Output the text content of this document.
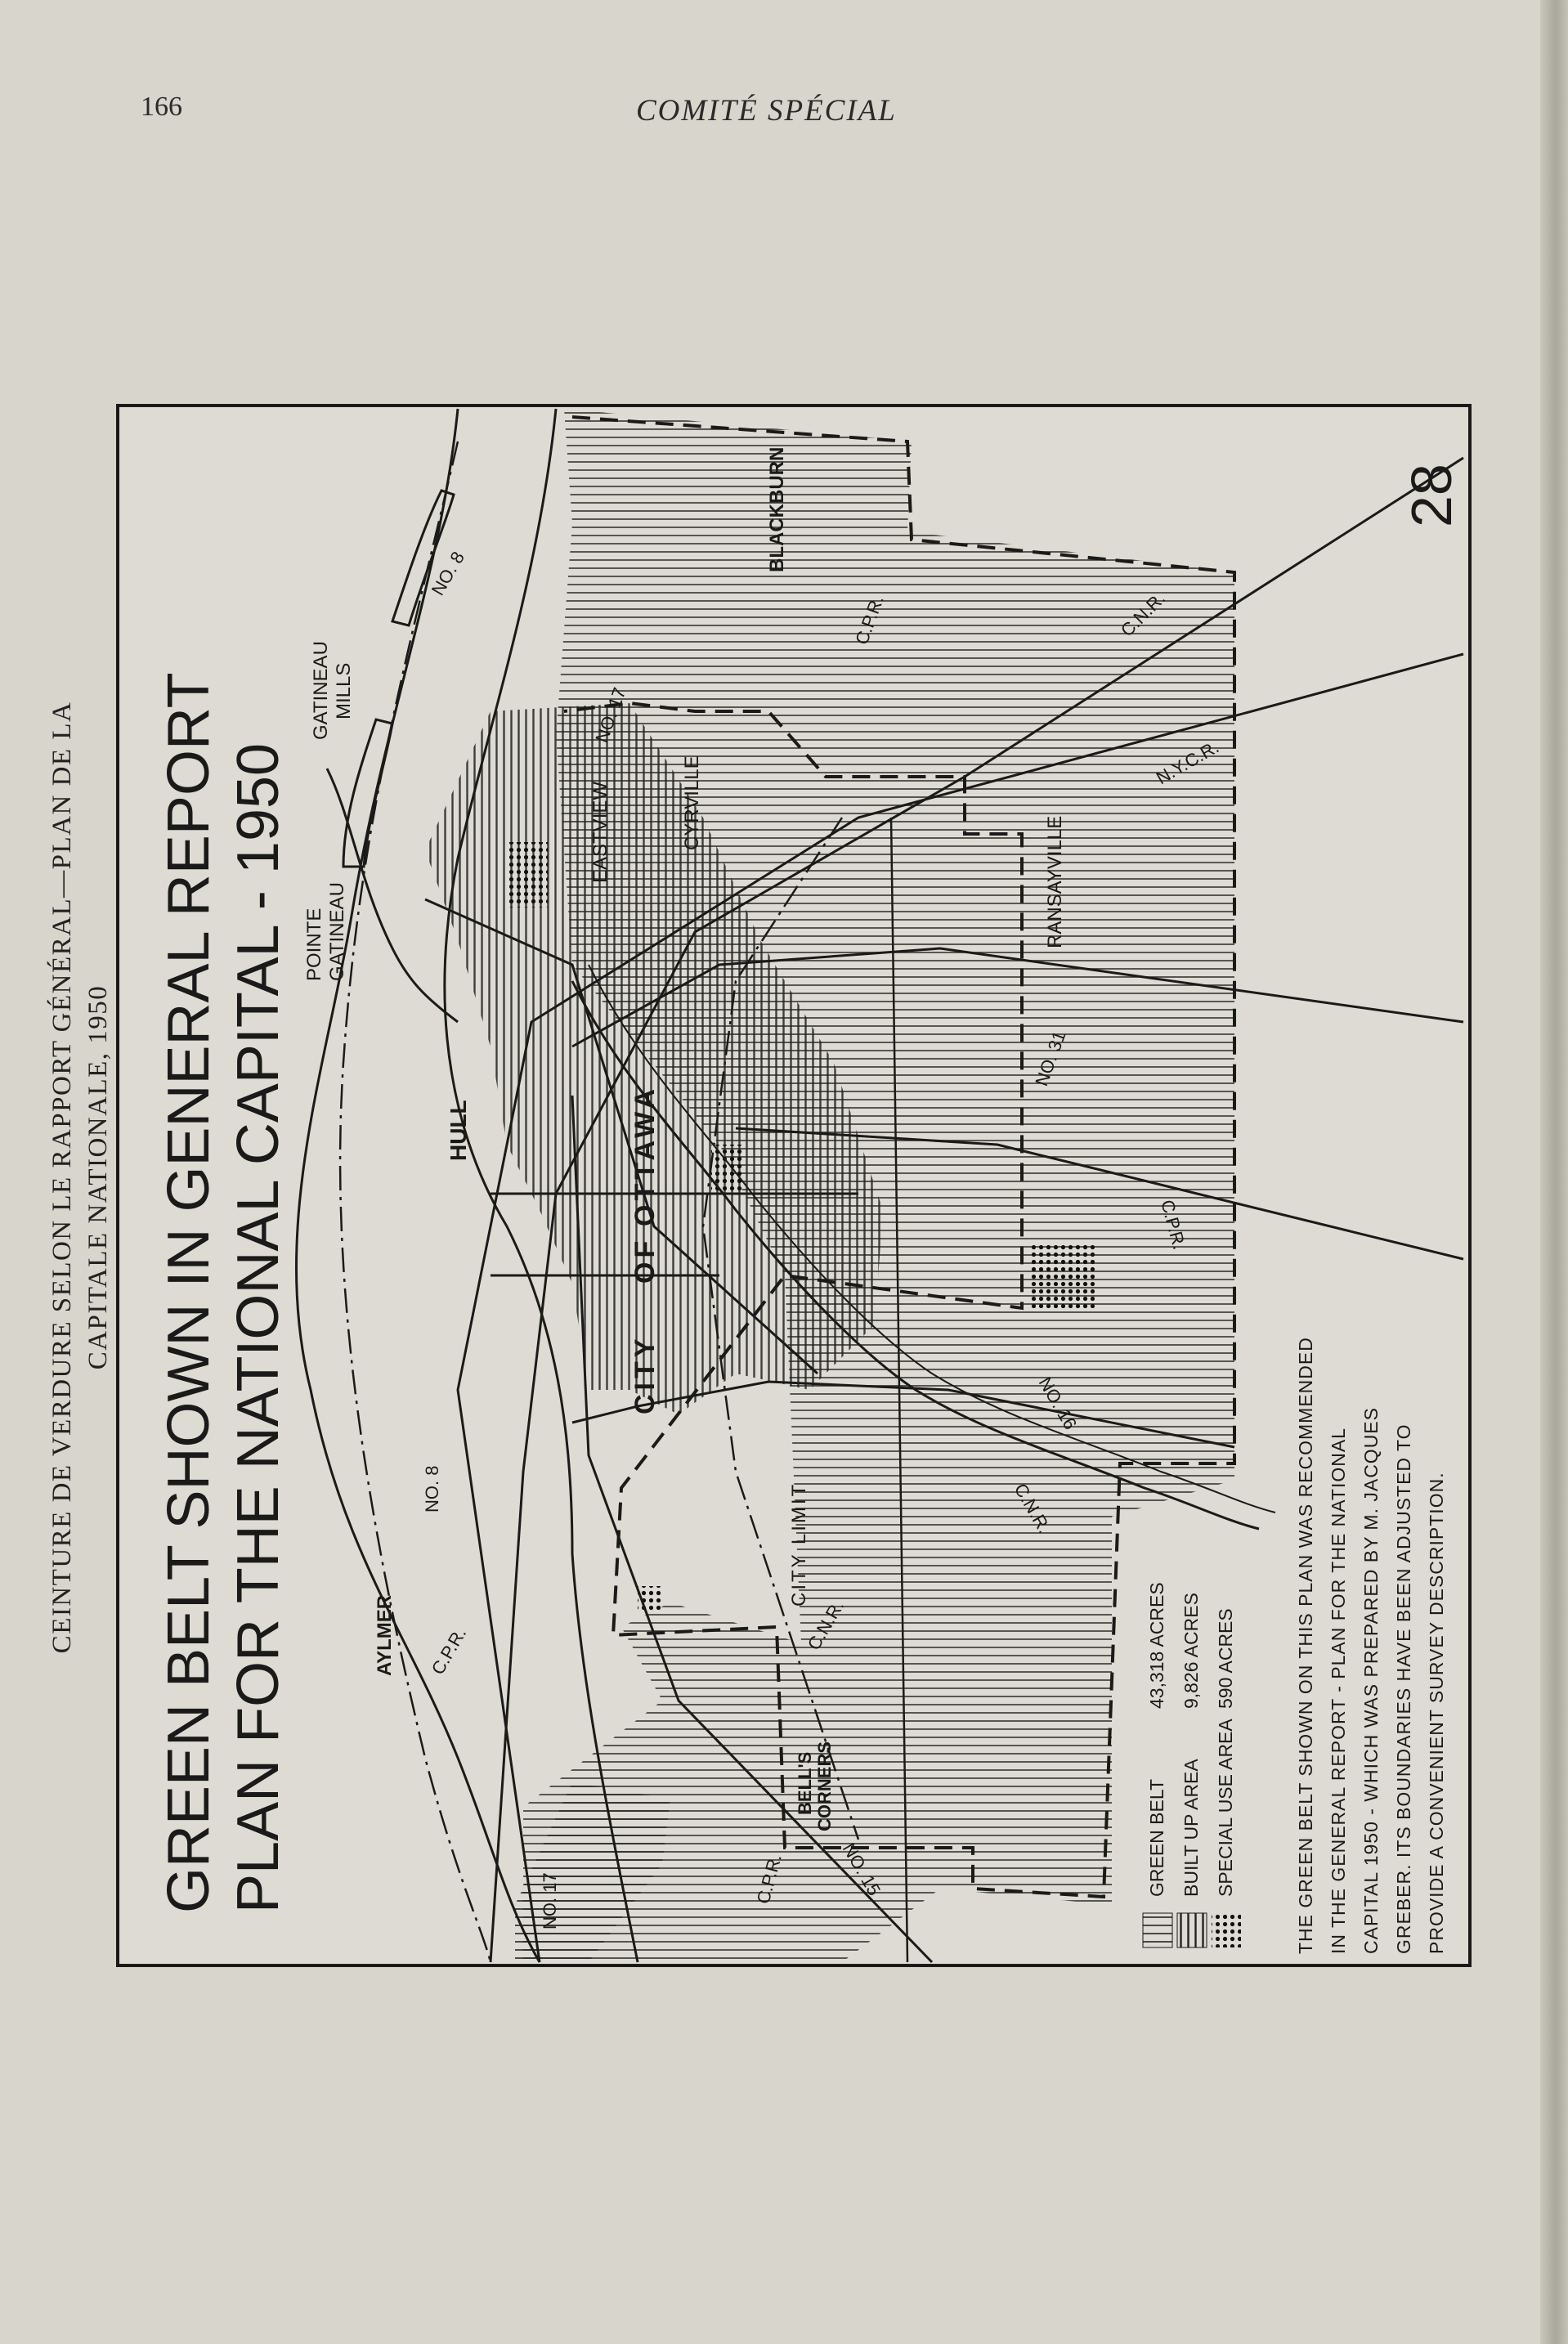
166	COMITÉ SPÉCIAL
CEINTURE DE VERDURE SELON LE RAPPORT GÉNÉRAL—PLAN DE LA CAPITALE NATIONALE, 1950 GREEN BELT SHOWN IN GENERAL REPORT PLAN FOR THE NATIONAL CAPITAL - 1950
28
AYLMER
HULL
POINTE GATINEAU
GATINEAU MILLS
EASTVIEW	CYRVILLE
BLACKBURN
RANSAYVILLE
CITY
OF
OTTAWA
BELL'S CORNERS
CITY LIMIT
NO. 8
NO. 8
NO. 17
NO. 17
NO. 16
NO. 15
NO. 31
C.P.R.
C.P.R.
C.P.R.
C.P.R.
C.N.R.
C.N.R.
C.N.R.
N.Y.C.R.
GREEN BELT
43,318 ACRES
BUILT UP AREA
9,826 ACRES
SPECIAL USE AREA
590 ACRES	THE GREEN BELT SHOWN ON THIS PLAN WAS RECOMMENDED IN THE GENERAL REPORT - PLAN FOR THE NATIONAL CAPITAL 1950 - WHICH WAS PREPARED BY M. JACQUES GREBER. ITS BOUNDARIES HAVE BEEN ADJUSTED TO PROVIDE A CONVENIENT SURVEY DESCRIPTION.
